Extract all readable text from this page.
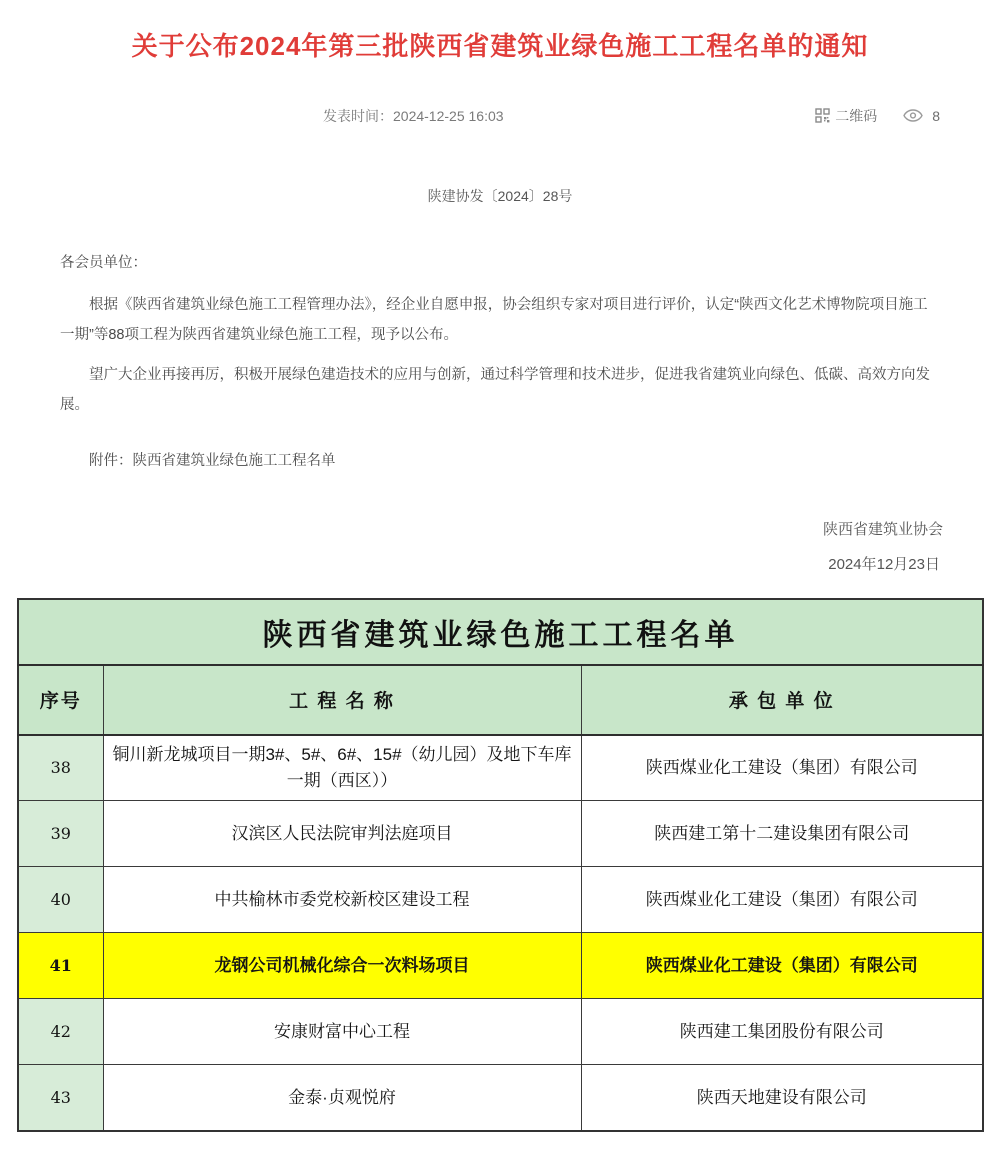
关于公布2024年第三批陕西省建筑业绿色施工工程名单的通知
发表时间：2024-12-25 16:03	二维码	8
陕建协发〔2024〕28号

各会员单位：

根据《陕西省建筑业绿色施工工程管理办法》，经企业自愿申报，协会组织专家对项目进行评价，认定“陕西文化艺术博物院项目施工一期”等88项工程为陕西省建筑业绿色施工工程，现予以公布。

望广大企业再接再厉，积极开展绿色建造技术的应用与创新，通过科学管理和技术进步，促进我省建筑业向绿色、低碳、高效方向发展。

附件：陕西省建筑业绿色施工工程名单

陕西省建筑业协会
2024年12月23日
陕西省建筑业绿色施工工程名单		
序号	工 程 名 称	承 包 单 位
38	铜川新龙城项目一期3#、5#、6#、15#（幼儿园）及地下车库一期（西区））	陕西煤业化工建设（集团）有限公司
39	汉滨区人民法院审判法庭项目	陕西建工第十二建设集团有限公司
40	中共榆林市委党校新校区建设工程	陕西煤业化工建设（集团）有限公司
41	龙钢公司机械化综合一次料场项目	陕西煤业化工建设（集团）有限公司
42	安康财富中心工程	陕西建工集团股份有限公司
43	金泰·贞观悦府	陕西天地建设有限公司
